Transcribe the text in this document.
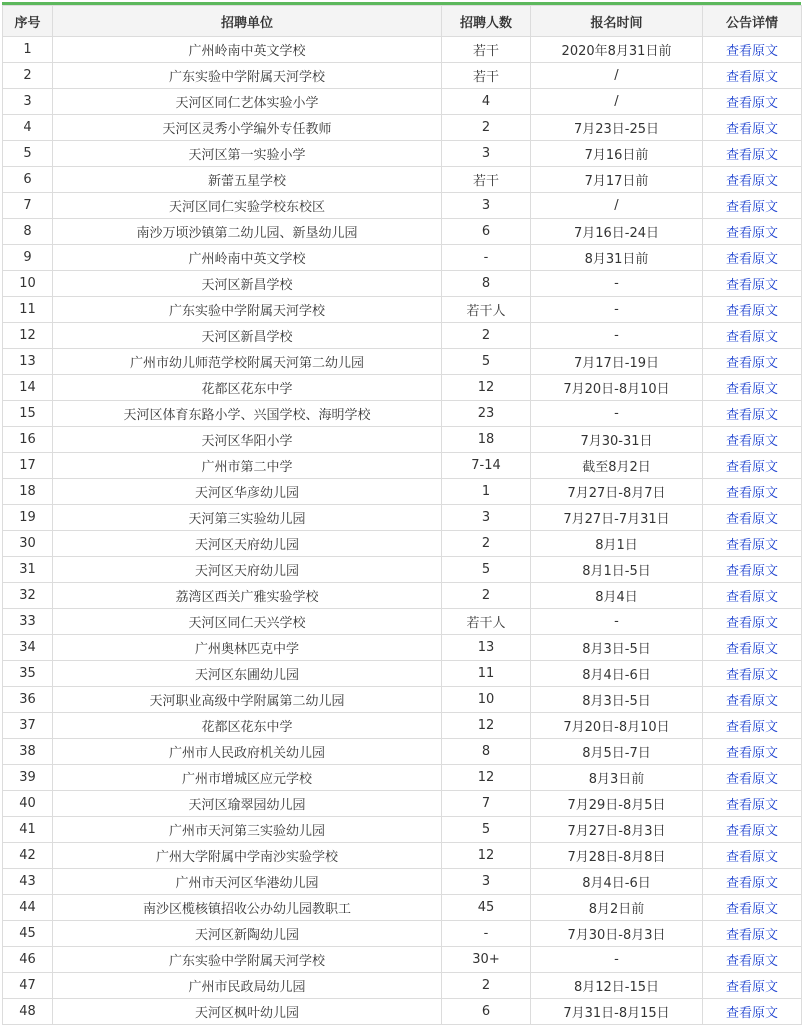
序号	招聘单位	招聘人数	报名时间	公告详情
1	广州岭南中英文学校	若干	2020年8月31日前	查看原文
2	广东实验中学附属天河学校	若干	/	查看原文
3	天河区同仁艺体实验小学	4	/	查看原文
4	天河区灵秀小学编外专任教师	2	7月23日-25日	查看原文
5	天河区第一实验小学	3	7月16日前	查看原文
6	新蕾五星学校	若干	7月17日前	查看原文
7	天河区同仁实验学校东校区	3	/	查看原文
8	南沙万顷沙镇第二幼儿园、新垦幼儿园	6	7月16日-24日	查看原文
9	广州岭南中英文学校	-	8月31日前	查看原文
10	天河区新昌学校	8	-	查看原文
11	广东实验中学附属天河学校	若干人	-	查看原文
12	天河区新昌学校	2	-	查看原文
13	广州市幼儿师范学校附属天河第二幼儿园	5	7月17日-19日	查看原文
14	花都区花东中学	12	7月20日-8月10日	查看原文
15	天河区体育东路小学、兴国学校、海明学校	23	-	查看原文
16	天河区华阳小学	18	7月30-31日	查看原文
17	广州市第二中学	7-14	截至8月2日	查看原文
18	天河区华彦幼儿园	1	7月27日-8月7日	查看原文
19	天河第三实验幼儿园	3	7月27日-7月31日	查看原文
30	天河区天府幼儿园	2	8月1日	查看原文
31	天河区天府幼儿园	5	8月1日-5日	查看原文
32	荔湾区西关广雅实验学校	2	8月4日	查看原文
33	天河区同仁天兴学校	若干人	-	查看原文
34	广州奥林匹克中学	13	8月3日-5日	查看原文
35	天河区东圃幼儿园	11	8月4日-6日	查看原文
36	天河职业高级中学附属第二幼儿园	10	8月3日-5日	查看原文
37	花都区花东中学	12	7月20日-8月10日	查看原文
38	广州市人民政府机关幼儿园	8	8月5日-7日	查看原文
39	广州市增城区应元学校	12	8月3日前	查看原文
40	天河区瑜翠园幼儿园	7	7月29日-8月5日	查看原文
41	广州市天河第三实验幼儿园	5	7月27日-8月3日	查看原文
42	广州大学附属中学南沙实验学校	12	7月28日-8月8日	查看原文
43	广州市天河区华港幼儿园	3	8月4日-6日	查看原文
44	南沙区榄核镇招收公办幼儿园教职工	45	8月2日前	查看原文
45	天河区新陶幼儿园	-	7月30日-8月3日	查看原文
46	广东实验中学附属天河学校	30+	-	查看原文
47	广州市民政局幼儿园	2	8月12日-15日	查看原文
48	天河区枫叶幼儿园	6	7月31日-8月15日	查看原文
